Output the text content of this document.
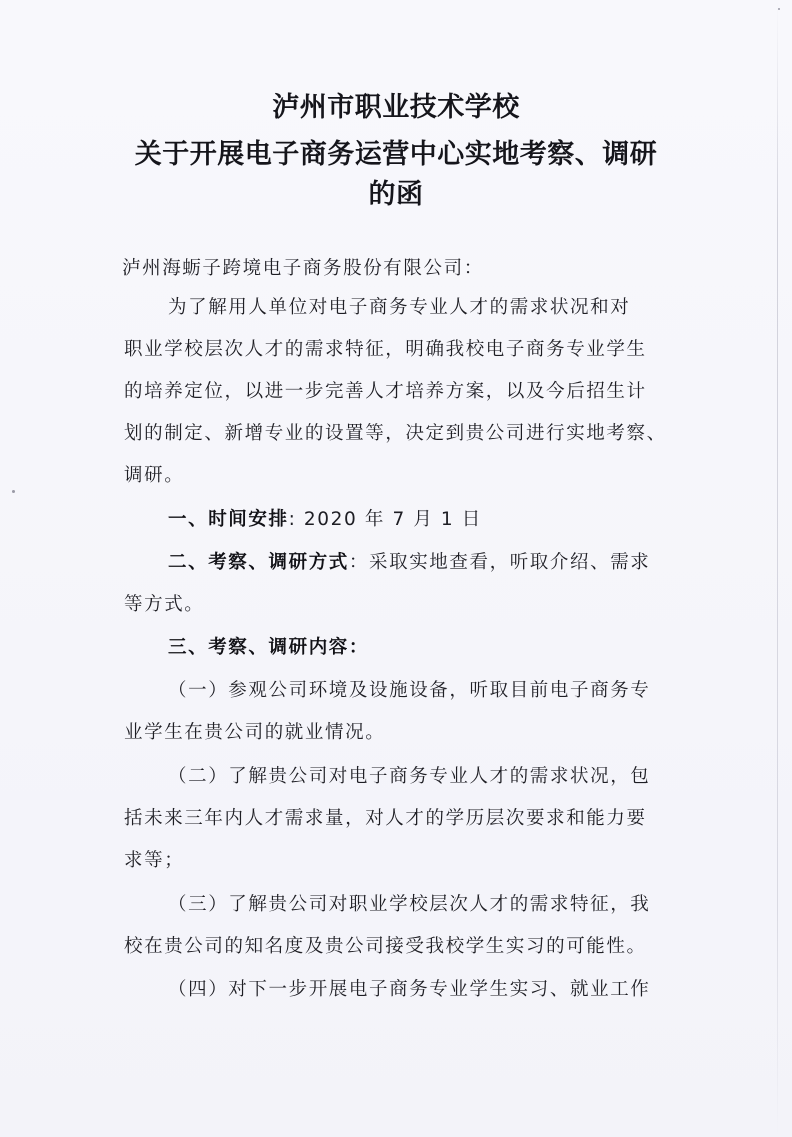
泸州市职业技术学校
关于开展电子商务运营中心实地考察、调研
的函
泸州海蛎子跨境电子商务股份有限公司：
为了解用人单位对电子商务专业人才的需求状况和对
职业学校层次人才的需求特征，明确我校电子商务专业学生
的培养定位，以进一步完善人才培养方案，以及今后招生计
划的制定、新增专业的设置等，决定到贵公司进行实地考察、
调研。
一、时间安排: 2020 年 7 月 1 日
二、考察、调研方式：采取实地查看，听取介绍、需求
等方式。
三、考察、调研内容：
（一）参观公司环境及设施设备，听取目前电子商务专
业学生在贵公司的就业情况。
（二）了解贵公司对电子商务专业人才的需求状况，包
括未来三年内人才需求量，对人才的学历层次要求和能力要
求等；
（三）了解贵公司对职业学校层次人才的需求特征，我
校在贵公司的知名度及贵公司接受我校学生实习的可能性。
（四）对下一步开展电子商务专业学生实习、就业工作
